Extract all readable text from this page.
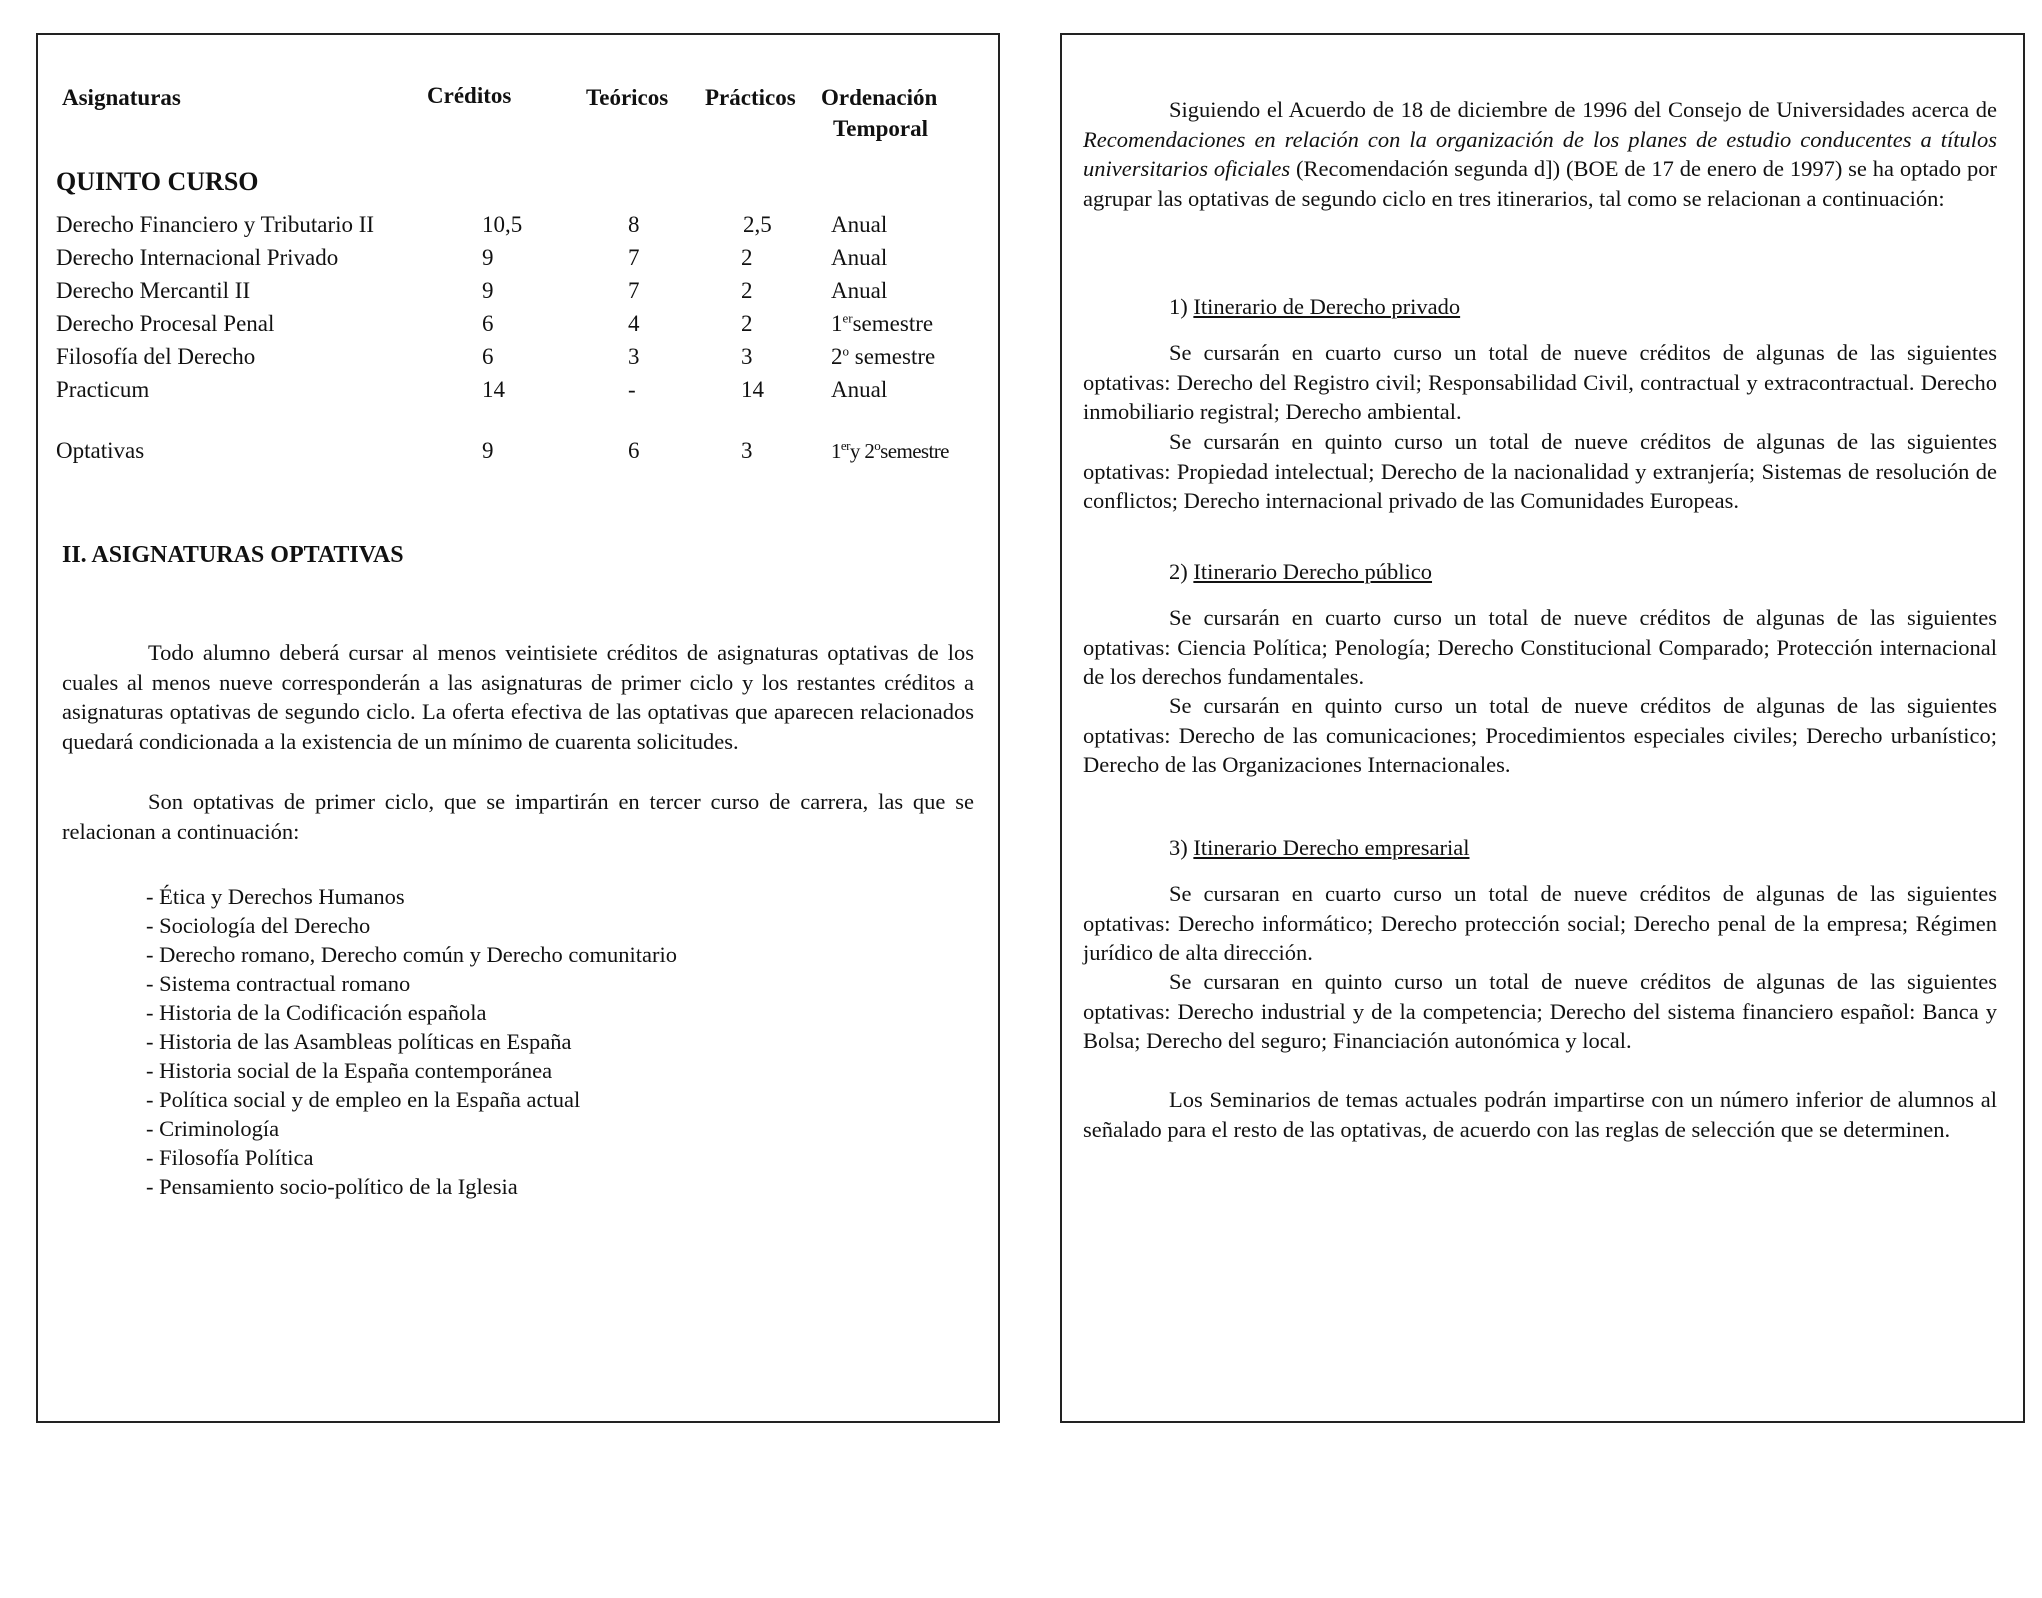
Asignaturas	Créditos	Teóricos Prácticos Ordenación
Temporal
QUINTO CURSO
Derecho Financiero y Tributario II	10,5	8	2,5	Anual
Derecho Internacional Privado	9	7	2	Anual
Derecho Mercantil II	9	7	2	Anual
Derecho Procesal Penal	6	4	2	1ersemestre
Filosofía del Derecho	6	3	3	2$^o$ semestre
Practicum	14	-	14	Anual
Optativas	9	6	3	1ery 2$^o$semestre
II. ASIGNATURAS OPTATIVAS

Todo alumno deberá cursar al menos veintisiete créditos de asignaturas optativas de los cuales al menos nueve corresponderán a las asignaturas de primer ciclo y los restantes créditos a asignaturas optativas de segundo ciclo. La oferta efectiva de las optativas que aparecen relacionados quedará condicionada a la existencia de un mínimo de cuarenta solicitudes.

Son optativas de primer ciclo, que se impartirán en tercer curso de carrera, las que se relacionan a continuación:

- Ética y Derechos Humanos
- Sociología del Derecho
- Derecho romano, Derecho común y Derecho comunitario
- Sistema contractual romano
- Historia de la Codificación española
- Historia de las Asambleas políticas en España
- Historia social de la España contemporánea
- Política social y de empleo en la España actual
- Criminología
- Filosofía Política
- Pensamiento socio-político de la Iglesia

Siguiendo el Acuerdo de 18 de diciembre de 1996 del Consejo de Universidades acerca de Recomendaciones en relación con la organización de los planes de estudio conducentes a títulos universitarios oficiales (Recomendación segunda d]) (BOE de 17 de enero de 1997) se ha optado por agrupar las optativas de segundo ciclo en tres itinerarios, tal como se relacionan a continuación:

1) Itinerario de Derecho privado

Se cursarán en cuarto curso un total de nueve créditos de algunas de las siguientes optativas: Derecho del Registro civil; Responsabilidad Civil, contractual y extracontractual. Derecho inmobiliario registral; Derecho ambiental.

Se cursarán en quinto curso un total de nueve créditos de algunas de las siguientes optativas: Propiedad intelectual; Derecho de la nacionalidad y extranjería; Sistemas de resolución de conflictos; Derecho internacional privado de las Comunidades Europeas.

2) Itinerario Derecho público

Se cursarán en cuarto curso un total de nueve créditos de algunas de las siguientes optativas: Ciencia Política; Penología; Derecho Constitucional Comparado; Protección internacional de los derechos fundamentales.

Se cursarán en quinto curso un total de nueve créditos de algunas de las siguientes optativas: Derecho de las comunicaciones; Procedimientos especiales civiles; Derecho urbanístico; Derecho de las Organizaciones Internacionales.

3) Itinerario Derecho empresarial

Se cursaran en cuarto curso un total de nueve créditos de algunas de las siguientes optativas: Derecho informático; Derecho protección social; Derecho penal de la empresa; Régimen jurídico de alta dirección.

Se cursaran en quinto curso un total de nueve créditos de algunas de las siguientes optativas: Derecho industrial y de la competencia; Derecho del sistema financiero español: Banca y Bolsa; Derecho del seguro; Financiación autonómica y local.

Los Seminarios de temas actuales podrán impartirse con un número inferior de alumnos al señalado para el resto de las optativas, de acuerdo con las reglas de selección que se determinen.
